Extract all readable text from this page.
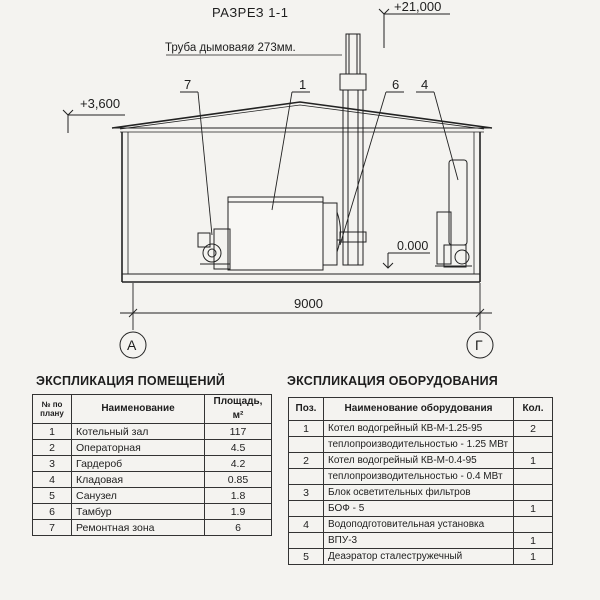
РАЗРЕЗ 1-1	+21,000
+3,600
Труба дымоваяø 273мм.
0.000
7	1	6 4
9000
А	Г
ЭКСПЛИКАЦИЯ ПОМЕЩЕНИЙ
№ по плану	Наименование	Площадь, м²
1	Котельный зал	117
2	Операторная	4.5
3	Гардероб	4.2
4	Кладовая	0.85
5	Санузел	1.8
6	Тамбур	1.9
7	Ремонтная зона	6
ЭКСПЛИКАЦИЯ ОБОРУДОВАНИЯ
Поз.	Наименование оборудования	Кол.
1	Котел водогрейный КВ-М-1.25-95	2
	теплопроизводительностью - 1.25 МВт	
2	Котел водогрейный КВ-М-0.4-95	1
	теплопроизводительностью - 0.4 МВт	
3	Блок осветительных фильтров	
	БОФ - 5	1
4	Водоподготовительная установка	
	ВПУ-3	1
5	Деаэратор сталестружечный	1
